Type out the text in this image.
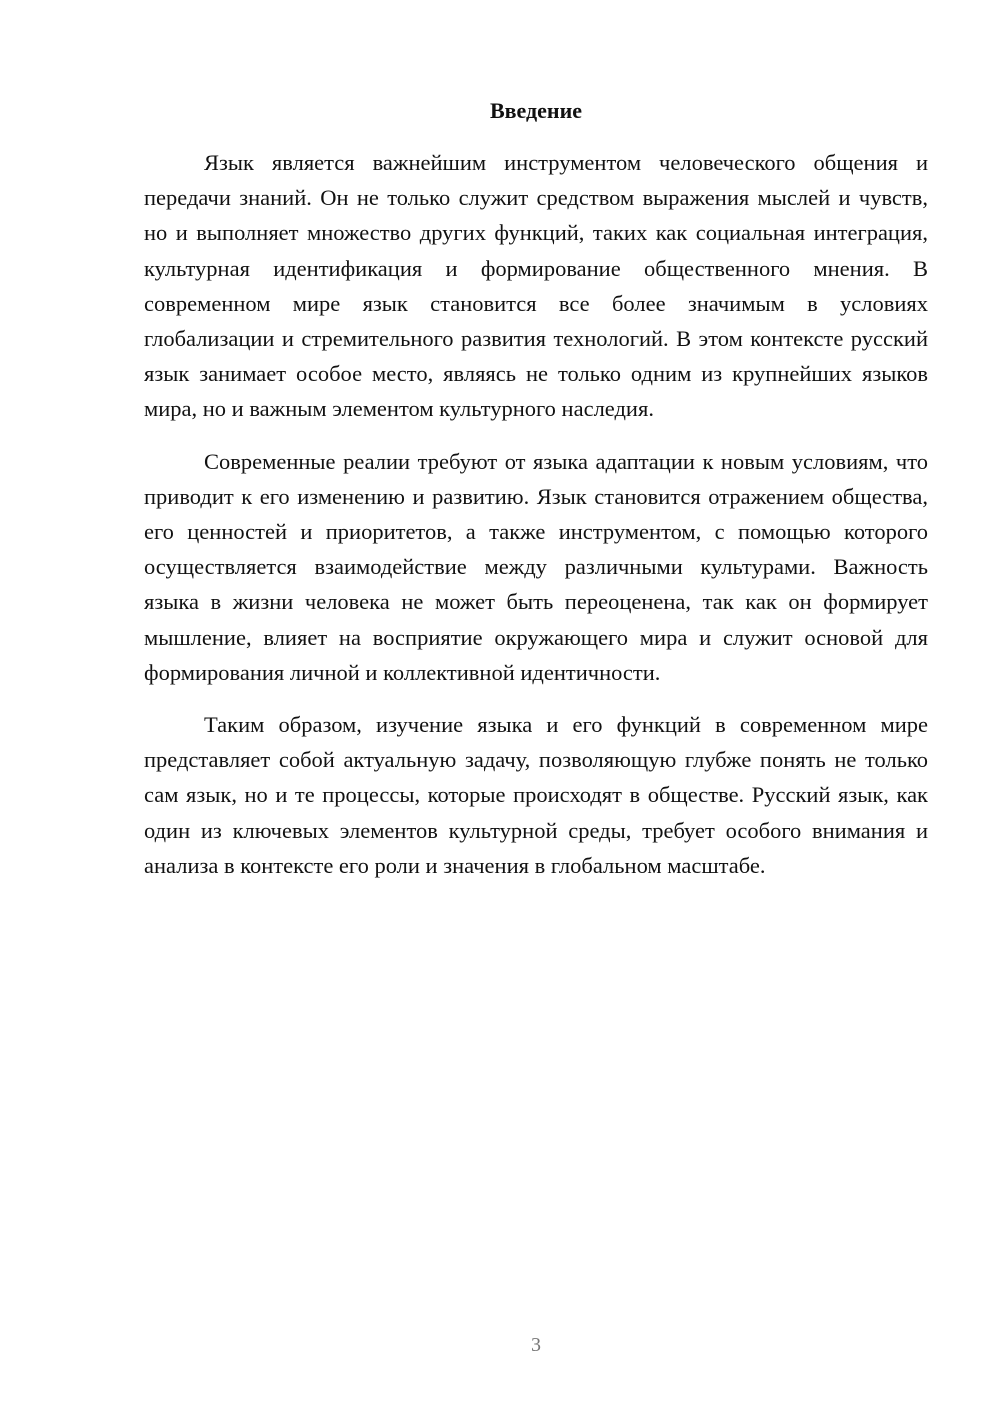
Введение

Язык является важнейшим инструментом человеческого общения и передачи знаний. Он не только служит средством выражения мыслей и чувств, но и выполняет множество других функций, таких как социальная интеграция, культурная идентификация и формирование общественного мнения. В современном мире язык становится все более значимым в условиях глобализации и стремительного развития технологий. В этом контексте русский язык занимает особое место, являясь не только одним из крупнейших языков мира, но и важным элементом культурного наследия.

Современные реалии требуют от языка адаптации к новым условиям, что приводит к его изменению и развитию. Язык становится отражением общества, его ценностей и приоритетов, а также инструментом, с помощью которого осуществляется взаимодействие между различными культурами. Важность языка в жизни человека не может быть переоценена, так как он формирует мышление, влияет на восприятие окружающего мира и служит основой для формирования личной и коллективной идентичности.

Таким образом, изучение языка и его функций в современном мире представляет собой актуальную задачу, позволяющую глубже понять не только сам язык, но и те процессы, которые происходят в обществе. Русский язык, как один из ключевых элементов культурной среды, требует особого внимания и анализа в контексте его роли и значения в глобальном масштабе.

3
